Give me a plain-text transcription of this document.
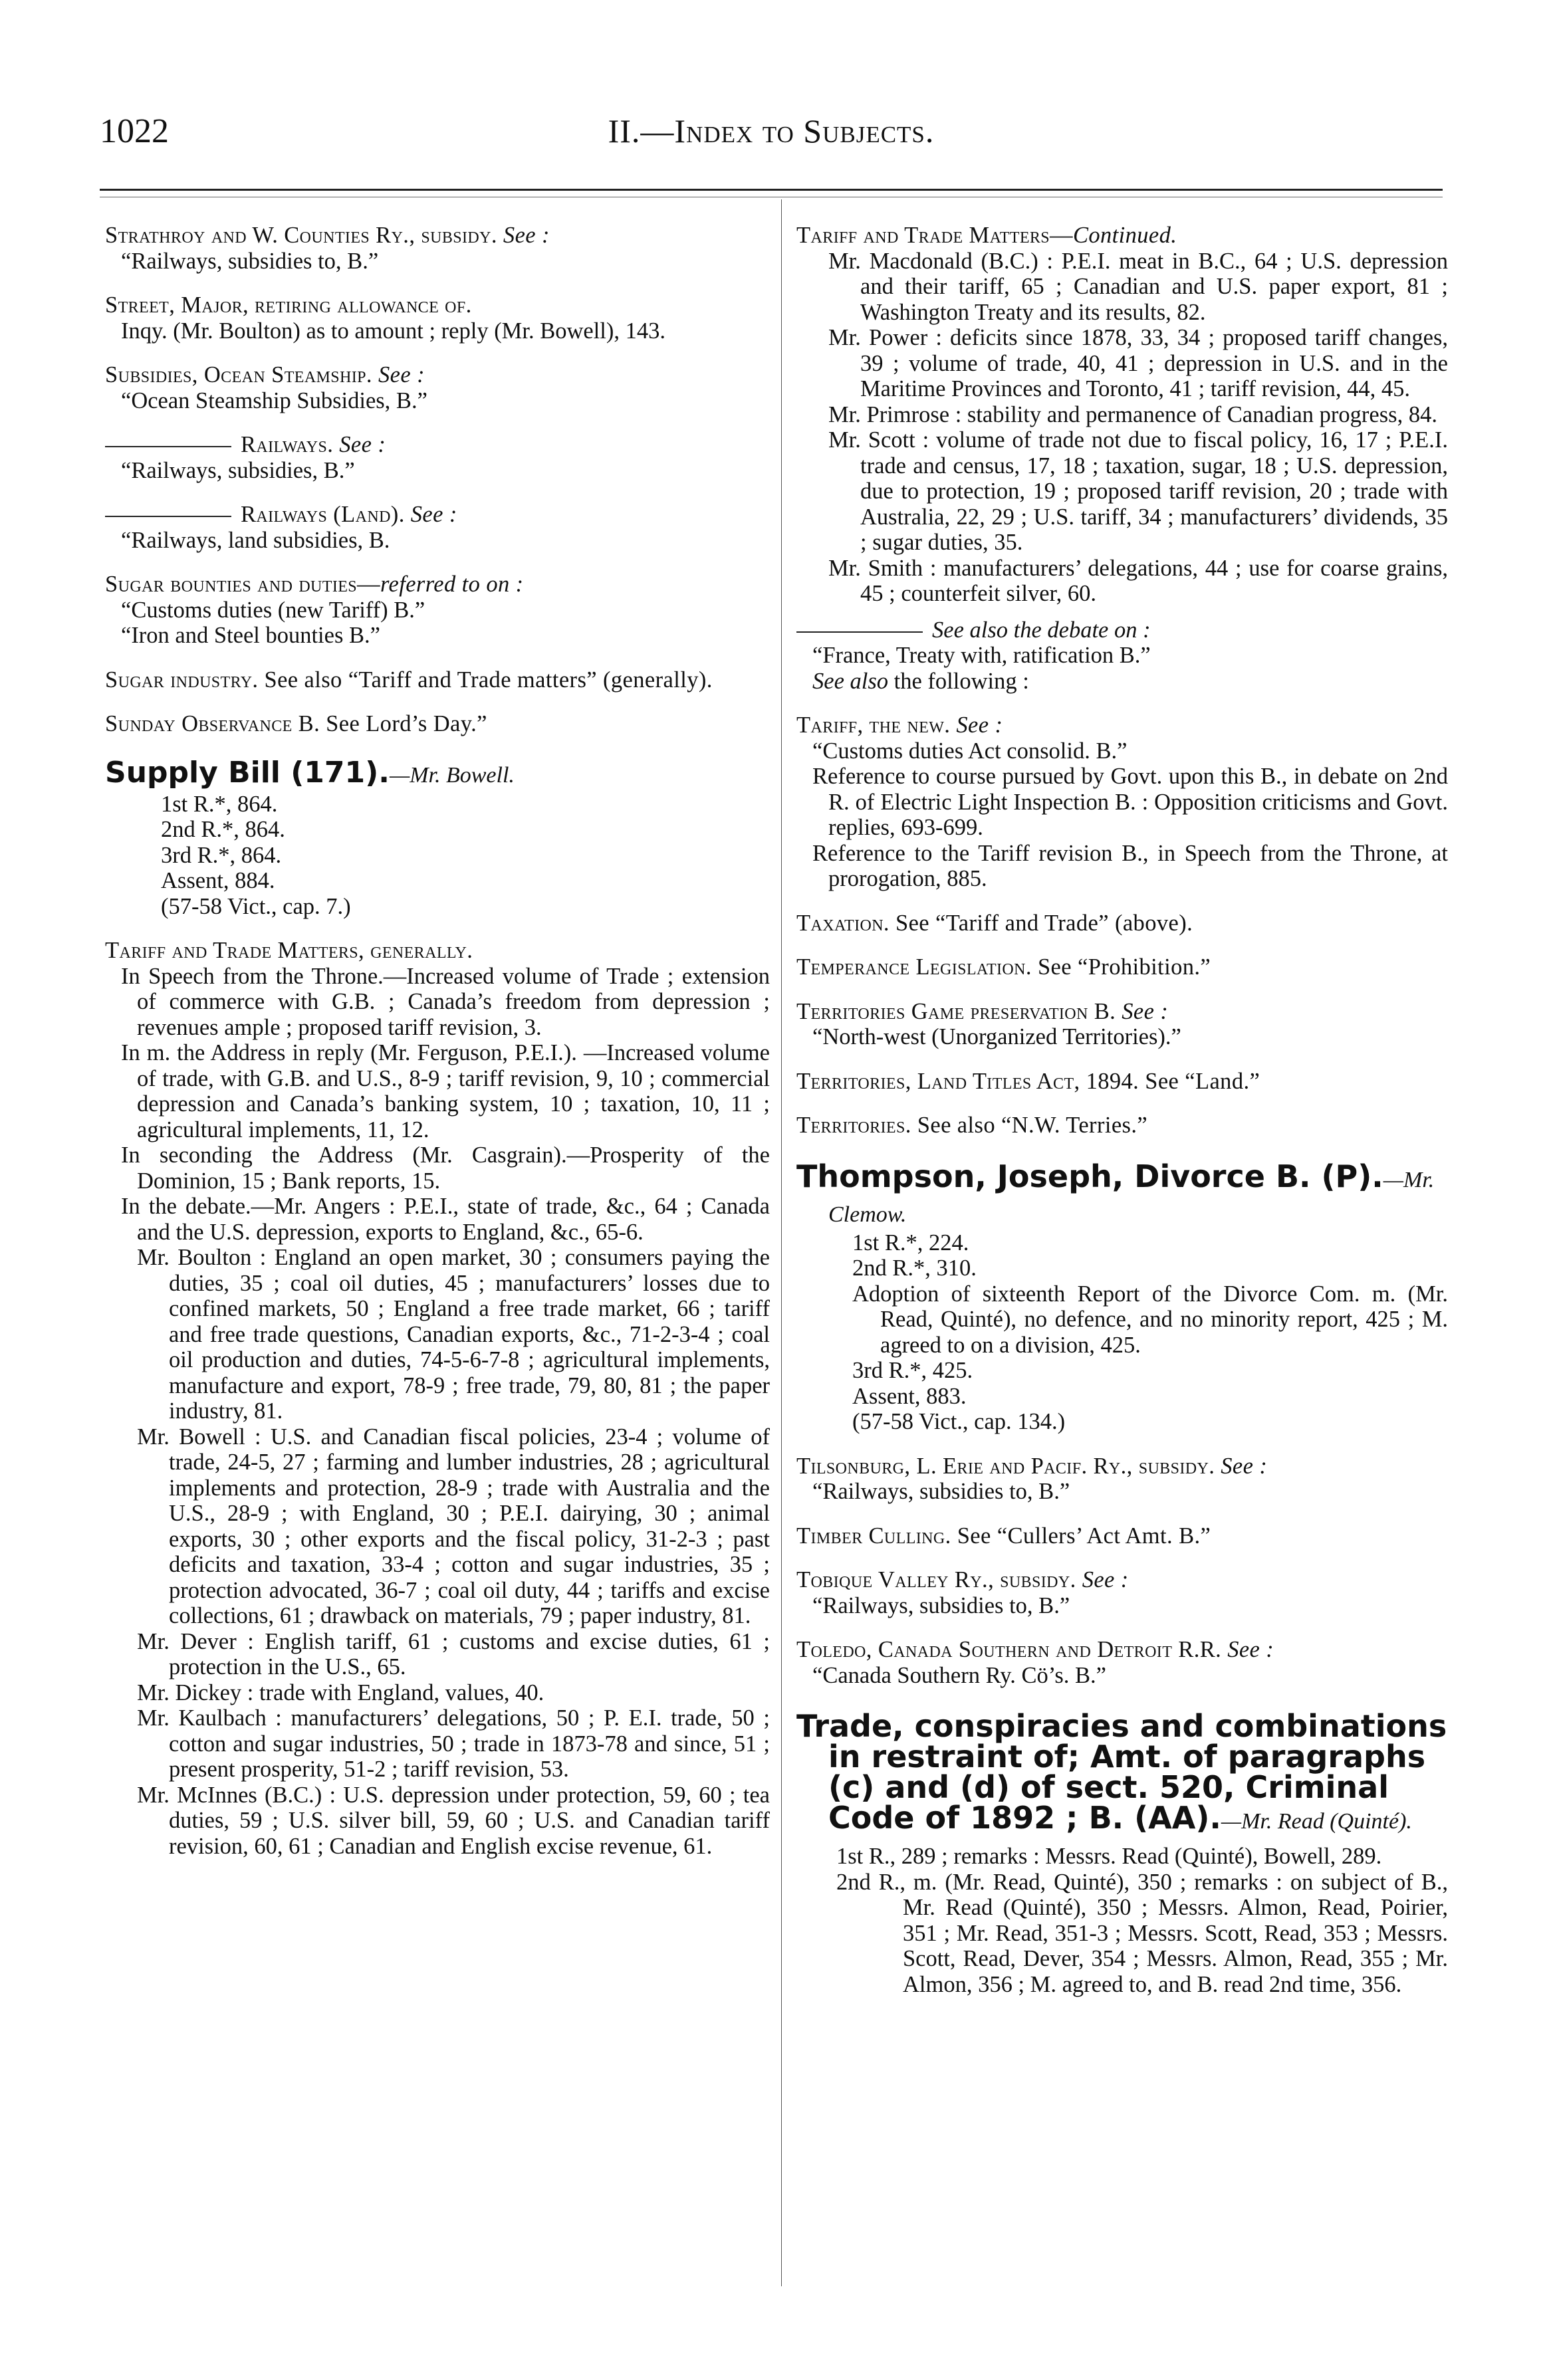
1022	II.—Index to Subjects.
Strathroy and W. Counties Ry., subsidy. See :
“Railways, subsidies to, B.”
Street, Major, retiring allowance of.
Inqy. (Mr. Boulton) as to amount ; reply (Mr. Bowell), 143.
Subsidies, Ocean Steamship. See :
“Ocean Steamship Subsidies, B.”
Railways. See :
“Railways, subsidies, B.”
Railways (Land). See :
“Railways, land subsidies, B.
Sugar bounties and duties—referred to on :
“Customs duties (new Tariff) B.”
“Iron and Steel bounties B.”
Sugar industry. See also “Tariff and Trade matters” (generally).
Sunday Observance B. See Lord’s Day.”
Supply Bill (171).—Mr. Bowell.
1st R.*, 864.
2nd R.*, 864.
3rd R.*, 864.
Assent, 884.
(57-58 Vict., cap. 7.)
Tariff and Trade Matters, generally.
In Speech from the Throne.—Increased volume of Trade ; extension of commerce with G.B. ; Canada’s freedom from depression ; revenues ample ; proposed tariff revision, 3.
In m. the Address in reply (Mr. Ferguson, P.E.I.). —Increased volume of trade, with G.B. and U.S., 8-9 ; tariff revision, 9, 10 ; commercial depression and Canada’s banking system, 10 ; taxation, 10, 11 ; agricultural implements, 11, 12.
In seconding the Address (Mr. Casgrain).—Prosperity of the Dominion, 15 ; Bank reports, 15.
In the debate.—Mr. Angers : P.E.I., state of trade, &c., 64 ; Canada and the U.S. depression, exports to England, &c., 65-6.
Mr. Boulton : England an open market, 30 ; consumers paying the duties, 35 ; coal oil duties, 45 ; manufacturers’ losses due to confined markets, 50 ; England a free trade market, 66 ; tariff and free trade questions, Canadian exports, &c., 71-2-3-4 ; coal oil production and duties, 74-5-6-7-8 ; agricultural implements, manufacture and export, 78-9 ; free trade, 79, 80, 81 ; the paper industry, 81.
Mr. Bowell : U.S. and Canadian fiscal policies, 23-4 ; volume of trade, 24-5, 27 ; farming and lumber industries, 28 ; agricultural implements and protection, 28-9 ; trade with Australia and the U.S., 28-9 ; with England, 30 ; P.E.I. dairying, 30 ; animal exports, 30 ; other exports and the fiscal policy, 31-2-3 ; past deficits and taxation, 33-4 ; cotton and sugar industries, 35 ; protection advocated, 36-7 ; coal oil duty, 44 ; tariffs and excise collections, 61 ; drawback on materials, 79 ; paper industry, 81.
Mr. Dever : English tariff, 61 ; customs and excise duties, 61 ; protection in the U.S., 65.
Mr. Dickey : trade with England, values, 40.
Mr. Kaulbach : manufacturers’ delegations, 50 ; P. E.I. trade, 50 ; cotton and sugar industries, 50 ; trade in 1873-78 and since, 51 ; present prosperity, 51-2 ; tariff revision, 53.
Mr. McInnes (B.C.) : U.S. depression under protection, 59, 60 ; tea duties, 59 ; U.S. silver bill, 59, 60 ; U.S. and Canadian tariff revision, 60, 61 ; Canadian and English excise revenue, 61.
Tariff and Trade Matters—Continued.
Mr. Macdonald (B.C.) : P.E.I. meat in B.C., 64 ; U.S. depression and their tariff, 65 ; Canadian and U.S. paper export, 81 ; Washington Treaty and its results, 82.
Mr. Power : deficits since 1878, 33, 34 ; proposed tariff changes, 39 ; volume of trade, 40, 41 ; depression in U.S. and in the Maritime Provinces and Toronto, 41 ; tariff revision, 44, 45.
Mr. Primrose : stability and permanence of Canadian progress, 84.
Mr. Scott : volume of trade not due to fiscal policy, 16, 17 ; P.E.I. trade and census, 17, 18 ; taxation, sugar, 18 ; U.S. depression, due to protection, 19 ; proposed tariff revision, 20 ; trade with Australia, 22, 29 ; U.S. tariff, 34 ; manufacturers’ dividends, 35 ; sugar duties, 35.
Mr. Smith : manufacturers’ delegations, 44 ; use for coarse grains, 45 ; counterfeit silver, 60.
See also the debate on :
“France, Treaty with, ratification B.”
See also the following :
Tariff, the new. See :
“Customs duties Act consolid. B.”
Reference to course pursued by Govt. upon this B., in debate on 2nd R. of Electric Light Inspection B. : Opposition criticisms and Govt. replies, 693-699.
Reference to the Tariff revision B., in Speech from the Throne, at prorogation, 885.
Taxation. See “Tariff and Trade” (above).
Temperance Legislation. See “Prohibition.”
Territories Game preservation B. See :
“North-west (Unorganized Territories).”
Territories, Land Titles Act, 1894. See “Land.”
Territories. See also “N.W. Terries.”
Thompson, Joseph, Divorce B. (P).—Mr. Clemow.
1st R.*, 224.
2nd R.*, 310.
Adoption of sixteenth Report of the Divorce Com. m. (Mr. Read, Quinté), no defence, and no minority report, 425 ; M. agreed to on a division, 425.
3rd R.*, 425.
Assent, 883.
(57-58 Vict., cap. 134.)
Tilsonburg, L. Erie and Pacif. Ry., subsidy. See :
“Railways, subsidies to, B.”
Timber Culling. See “Cullers’ Act Amt. B.”
Tobique Valley Ry., subsidy. See :
“Railways, subsidies to, B.”
Toledo, Canada Southern and Detroit R.R. See :
“Canada Southern Ry. Cö’s. B.”
Trade, conspiracies and combinations in restraint of; Amt. of paragraphs (c) and (d) of sect. 520, Criminal Code of 1892 ; B. (AA).—Mr. Read (Quinté).
1st R., 289 ; remarks : Messrs. Read (Quinté), Bowell, 289.
2nd R., m. (Mr. Read, Quinté), 350 ; remarks : on subject of B., Mr. Read (Quinté), 350 ; Messrs. Almon, Read, Poirier, 351 ; Mr. Read, 351-3 ; Messrs. Scott, Read, 353 ; Messrs. Scott, Read, Dever, 354 ; Messrs. Almon, Read, 355 ; Mr. Almon, 356 ; M. agreed to, and B. read 2nd time, 356.
